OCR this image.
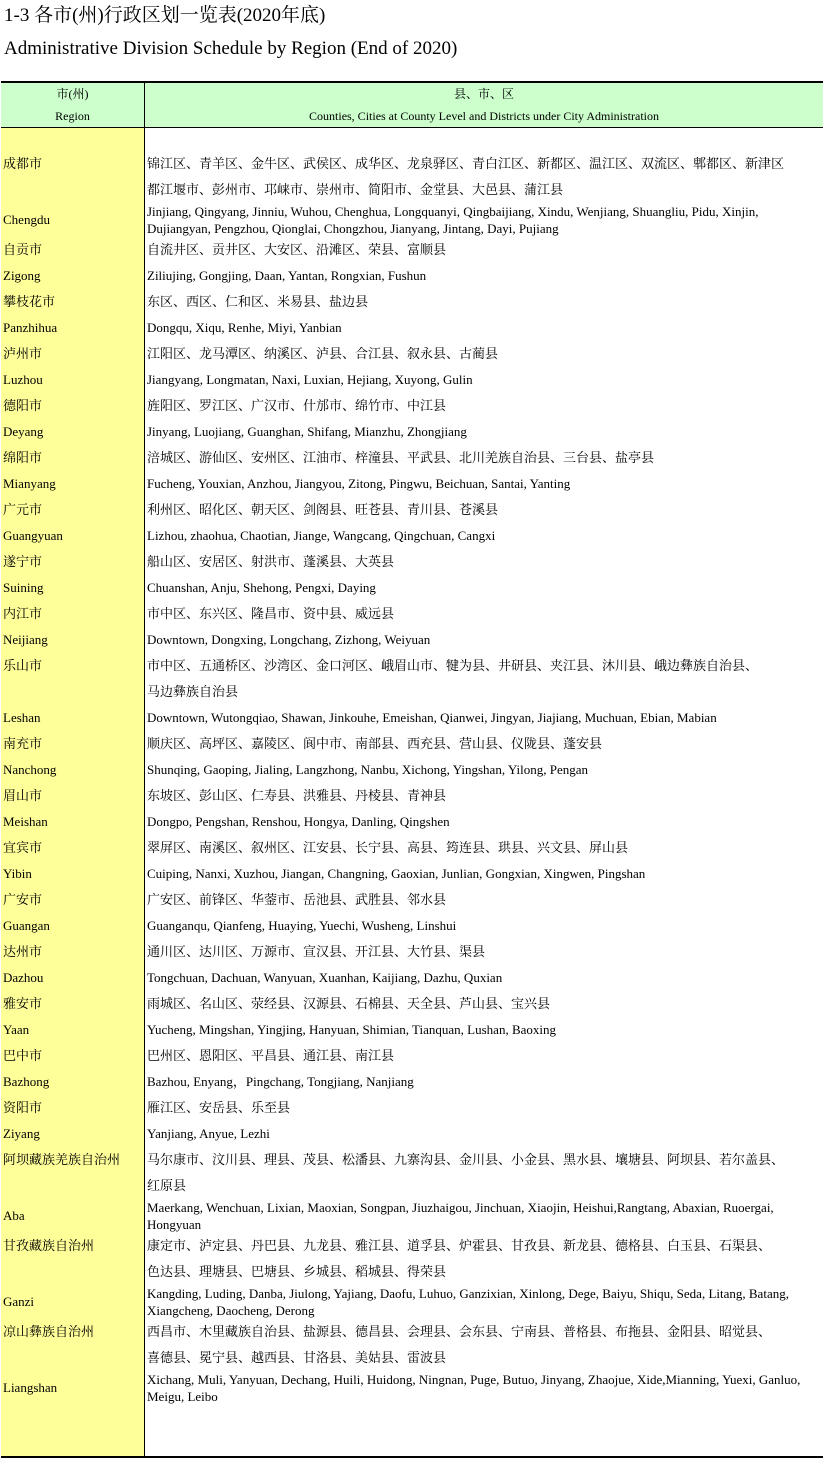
1-3 各市(州)行政区划一览表(2020年底)
Administrative Division Schedule by Region (End of 2020)
市(州)
Region
县、市、区
Counties, Cities at County Level and Districts under City Administration
成都市
Chengdu
锦江区、青羊区、金牛区、武侯区、成华区、龙泉驿区、青白江区、新都区、温江区、双流区、郫都区、新津区
都江堰市、彭州市、邛崃市、崇州市、简阳市、金堂县、大邑县、蒲江县
Jinjiang, Qingyang, Jinniu, Wuhou, Chenghua, Longquanyi, Qingbaijiang, Xindu, Wenjiang, Shuangliu, Pidu, Xinjin,
Dujiangyan, Pengzhou, Qionglai, Chongzhou, Jianyang, Jintang, Dayi, Pujiang
自贡市
Zigong
自流井区、贡井区、大安区、沿滩区、荣县、富顺县
Ziliujing, Gongjing, Daan, Yantan, Rongxian, Fushun
攀枝花市
Panzhihua
东区、西区、仁和区、米易县、盐边县
Dongqu, Xiqu, Renhe, Miyi, Yanbian
泸州市
Luzhou
江阳区、龙马潭区、纳溪区、泸县、合江县、叙永县、古蔺县
Jiangyang, Longmatan, Naxi, Luxian, Hejiang, Xuyong, Gulin
德阳市
Deyang
旌阳区、罗江区、广汉市、什邡市、绵竹市、中江县
Jinyang, Luojiang, Guanghan, Shifang, Mianzhu, Zhongjiang
绵阳市
Mianyang
涪城区、游仙区、安州区、江油市、梓潼县、平武县、北川羌族自治县、三台县、盐亭县
Fucheng, Youxian, Anzhou, Jiangyou, Zitong, Pingwu, Beichuan, Santai, Yanting
广元市
Guangyuan
利州区、昭化区、朝天区、剑阁县、旺苍县、青川县、苍溪县
Lizhou, zhaohua, Chaotian, Jiange, Wangcang, Qingchuan, Cangxi
遂宁市
Suining
船山区、安居区、射洪市、蓬溪县、大英县
Chuanshan, Anju, Shehong, Pengxi, Daying
内江市
Neijiang
市中区、东兴区、隆昌市、资中县、威远县
Downtown, Dongxing, Longchang, Zizhong, Weiyuan
乐山市
Leshan
市中区、五通桥区、沙湾区、金口河区、峨眉山市、犍为县、井研县、夹江县、沐川县、峨边彝族自治县、
马边彝族自治县
Downtown, Wutongqiao, Shawan, Jinkouhe, Emeishan, Qianwei, Jingyan, Jiajiang, Muchuan, Ebian, Mabian
南充市
Nanchong
顺庆区、高坪区、嘉陵区、阆中市、南部县、西充县、营山县、仪陇县、蓬安县
Shunqing, Gaoping, Jialing, Langzhong, Nanbu, Xichong, Yingshan, Yilong, Pengan
眉山市
Meishan
东坡区、彭山区、仁寿县、洪雅县、丹棱县、青神县
Dongpo, Pengshan, Renshou, Hongya, Danling, Qingshen
宜宾市
Yibin
翠屏区、南溪区、叙州区、江安县、长宁县、高县、筠连县、珙县、兴文县、屏山县
Cuiping, Nanxi, Xuzhou, Jiangan, Changning, Gaoxian, Junlian, Gongxian, Xingwen, Pingshan
广安市
Guangan
广安区、前锋区、华蓥市、岳池县、武胜县、邻水县
Guanganqu, Qianfeng, Huaying, Yuechi, Wusheng, Linshui
达州市
Dazhou
通川区、达川区、万源市、宣汉县、开江县、大竹县、渠县
Tongchuan, Dachuan, Wanyuan, Xuanhan, Kaijiang, Dazhu, Quxian
雅安市
Yaan
雨城区、名山区、荥经县、汉源县、石棉县、天全县、芦山县、宝兴县
Yucheng, Mingshan, Yingjing, Hanyuan, Shimian, Tianquan, Lushan, Baoxing
巴中市
Bazhong
巴州区、恩阳区、平昌县、通江县、南江县
Bazhou, Enyang，Pingchang, Tongjiang, Nanjiang
资阳市
Ziyang
雁江区、安岳县、乐至县
Yanjiang, Anyue, Lezhi
阿坝藏族羌族自治州
Aba
马尔康市、汶川县、理县、茂县、松潘县、九寨沟县、金川县、小金县、黑水县、壤塘县、阿坝县、若尔盖县、
红原县
Maerkang, Wenchuan, Lixian, Maoxian, Songpan, Jiuzhaigou, Jinchuan, Xiaojin, Heishui,Rangtang, Abaxian, Ruoergai,
Hongyuan
甘孜藏族自治州
Ganzi
康定市、泸定县、丹巴县、九龙县、雅江县、道孚县、炉霍县、甘孜县、新龙县、德格县、白玉县、石渠县、
色达县、理塘县、巴塘县、乡城县、稻城县、得荣县
Kangding, Luding, Danba, Jiulong, Yajiang, Daofu, Luhuo, Ganzixian, Xinlong, Dege, Baiyu, Shiqu, Seda, Litang, Batang,
Xiangcheng, Daocheng, Derong
凉山彝族自治州
Liangshan
西昌市、木里藏族自治县、盐源县、德昌县、会理县、会东县、宁南县、普格县、布拖县、金阳县、昭觉县、
喜德县、冕宁县、越西县、甘洛县、美姑县、雷波县
Xichang, Muli, Yanyuan, Dechang, Huili, Huidong, Ningnan, Puge, Butuo, Jinyang, Zhaojue, Xide,Mianning, Yuexi, Ganluo,
Meigu, Leibo
